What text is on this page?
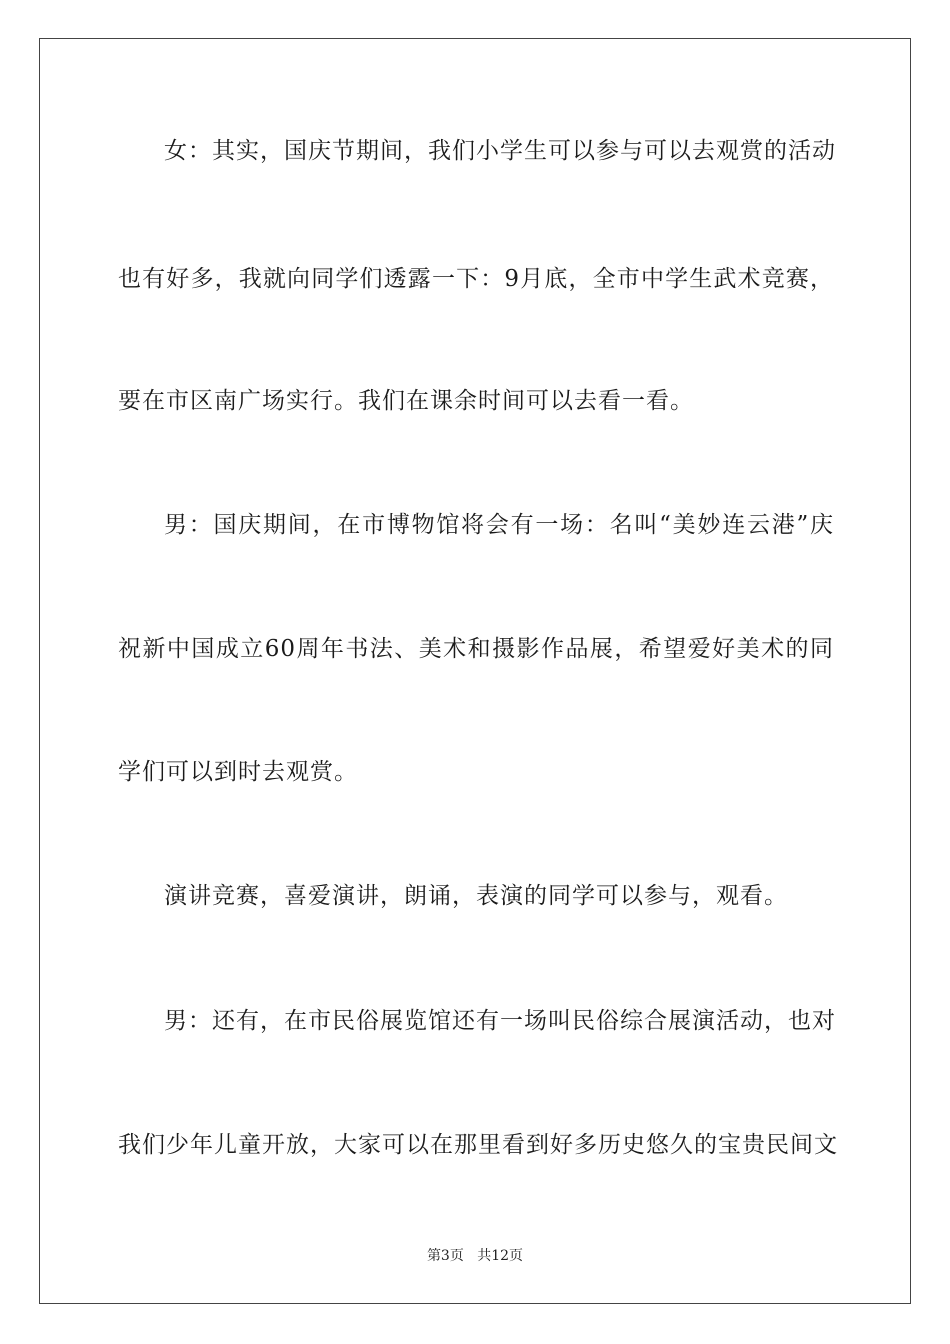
女：其实，国庆节期间，我们小学生可以参与可以去观赏的活动
也有好多，我就向同学们透露一下：9月底，全市中学生武术竞赛，
要在市区南广场实行。我们在课余时间可以去看一看。
男：国庆期间，在市博物馆将会有一场：名叫“美妙连云港”庆
祝新中国成立60周年书法、美术和摄影作品展，希望爱好美术的同
学们可以到时去观赏。
演讲竞赛，喜爱演讲，朗诵，表演的同学可以参与，观看。
男：还有，在市民俗展览馆还有一场叫民俗综合展演活动，也对
我们少年儿童开放，大家可以在那里看到好多历史悠久的宝贵民间文
第3页 共12页
